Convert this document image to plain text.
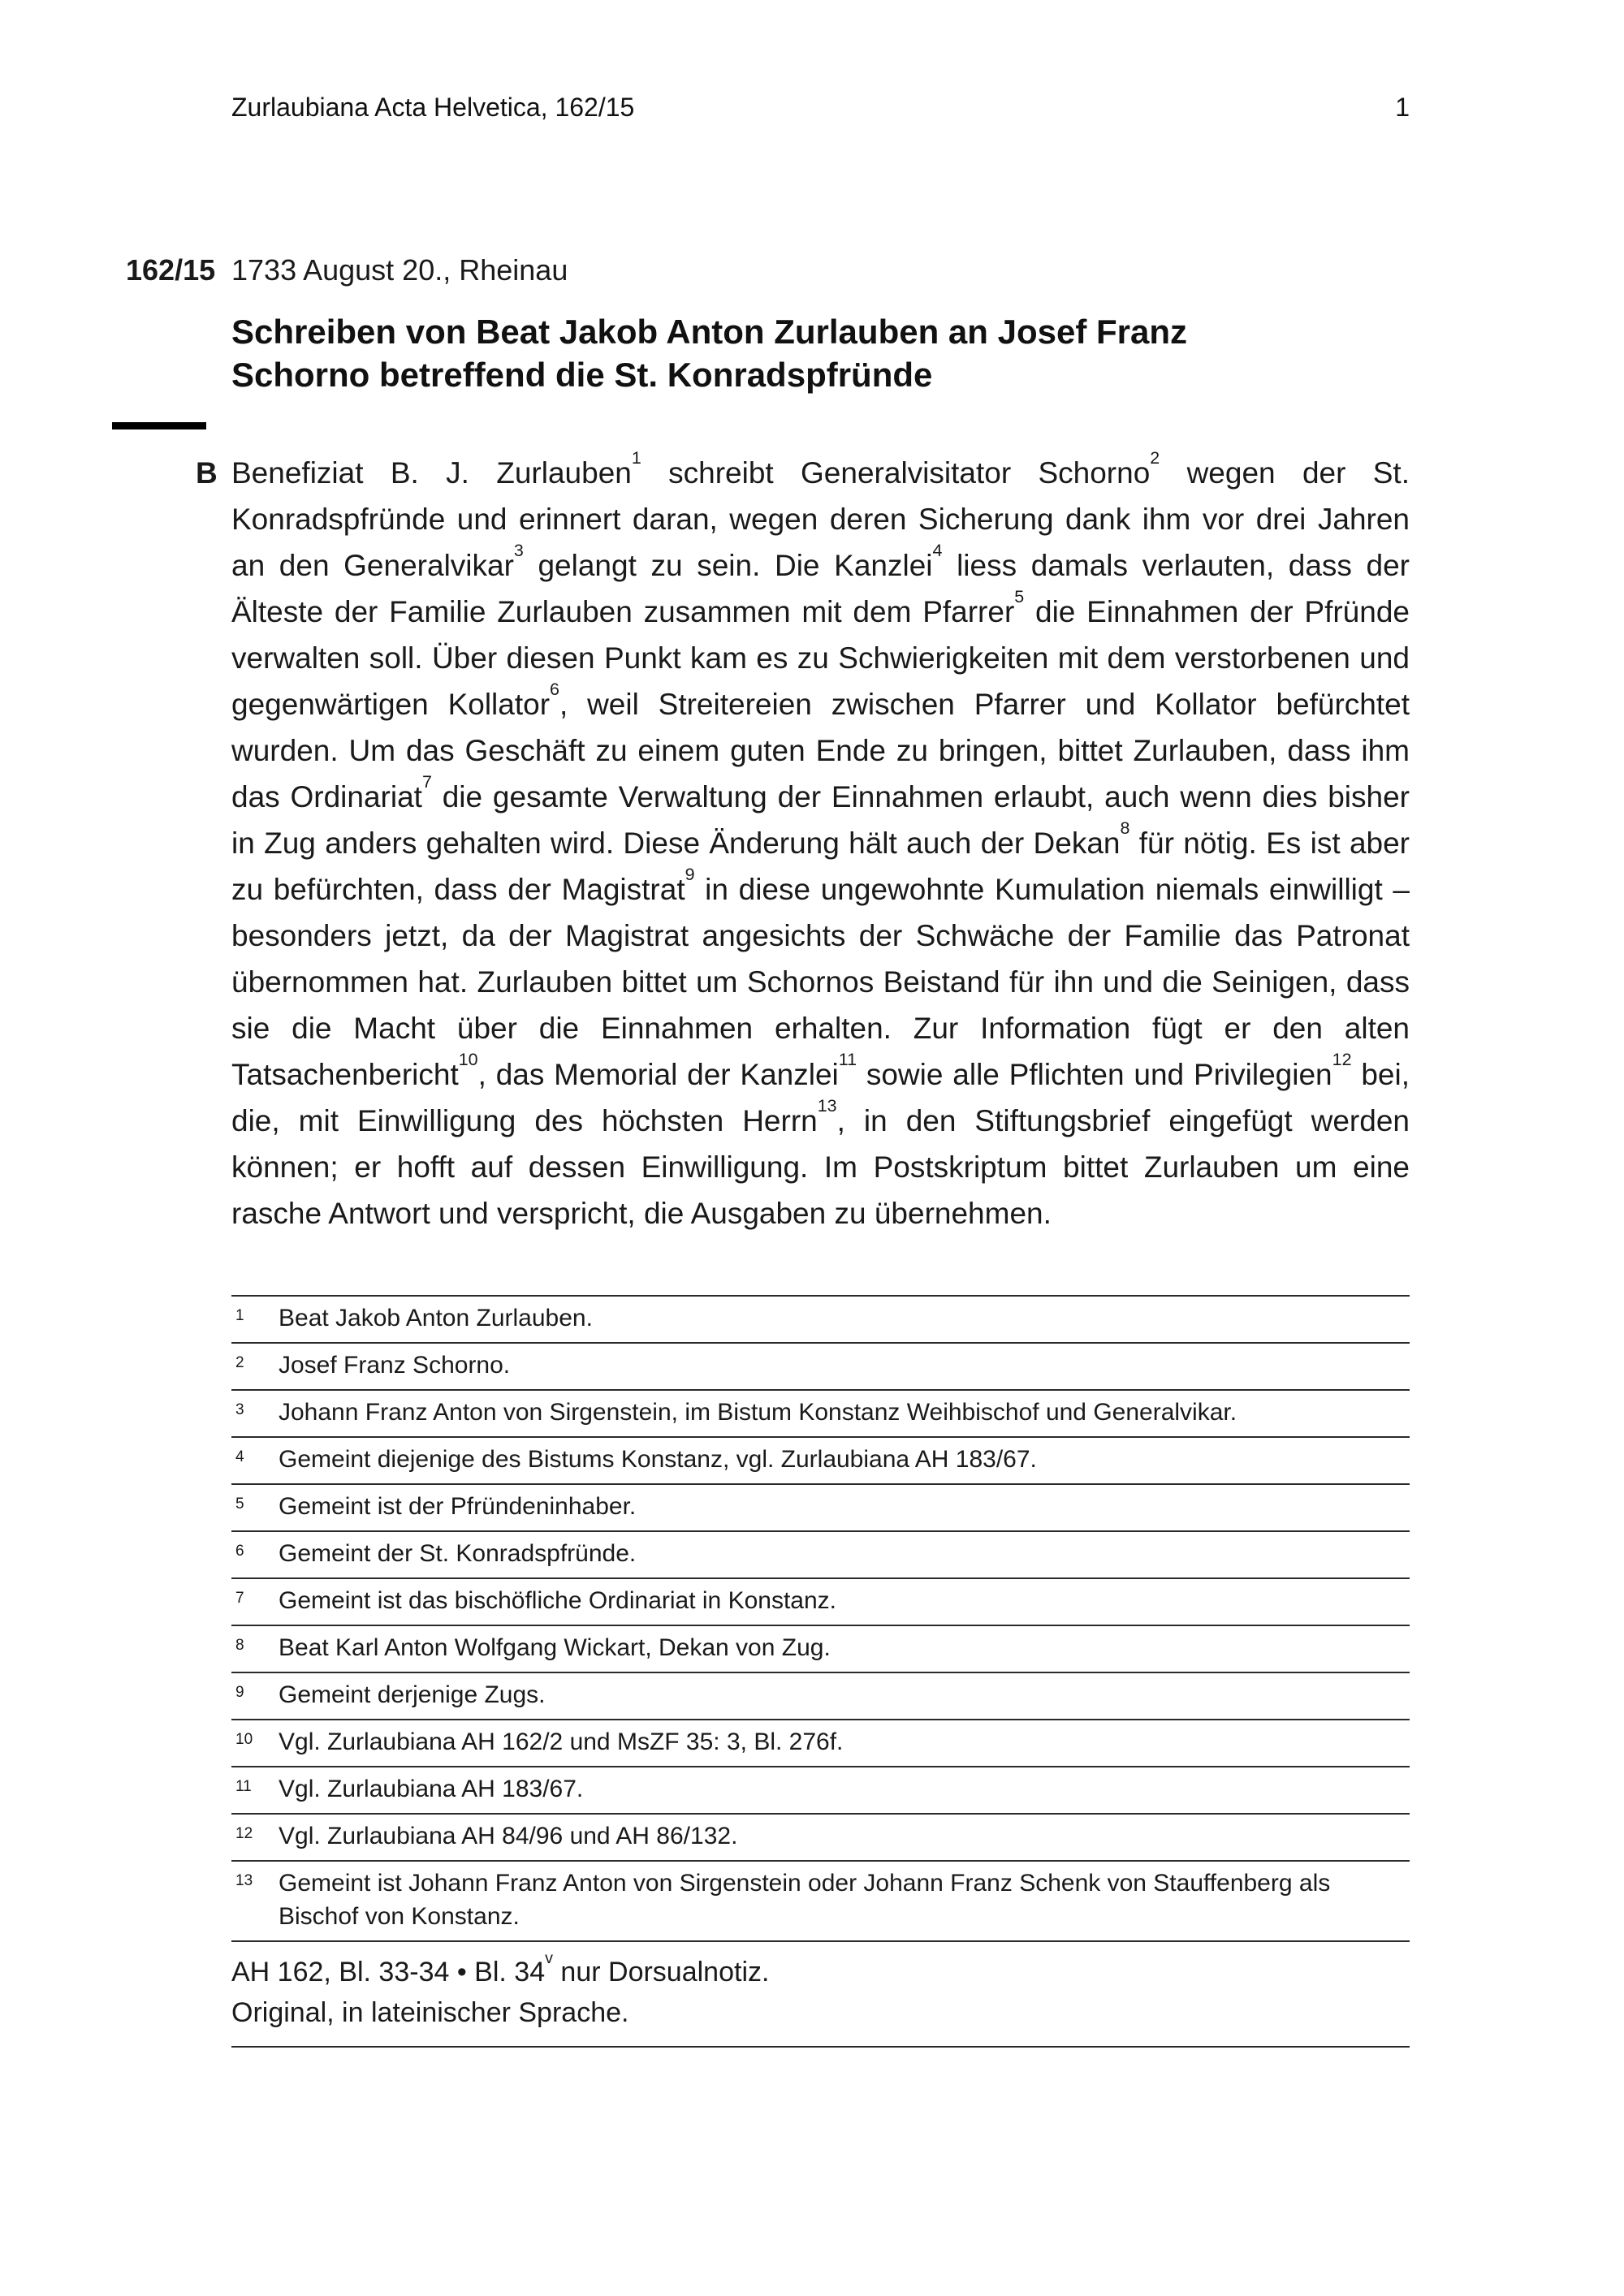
Zurlaubiana Acta Helvetica, 162/15	1
162/15 1733 August 20., Rheinau
Schreiben von Beat Jakob Anton Zurlauben an Josef Franz
Schorno betreffend die St. Konradspfründe
B Benefiziat B. J. Zurlauben$^1$ schreibt Generalvisitator Schorno$^2$ wegen der St. Konradspfründe und erinnert daran, wegen deren Sicherung dank ihm vor drei Jahren an den Generalvikar$^3$ gelangt zu sein. Die Kanzlei$^4$ liess damals verlauten, dass der Älteste der Familie Zurlauben zusammen mit dem Pfarrer$^5$ die Einnahmen der Pfründe verwalten soll. Über diesen Punkt kam es zu Schwierigkeiten mit dem verstorbenen und gegenwärtigen Kollator$^6$, weil Streitereien zwischen Pfarrer und Kollator befürchtet wurden. Um das Geschäft zu einem guten Ende zu bringen, bittet Zurlauben, dass ihm das Ordinariat$^7$ die gesamte Verwaltung der Einnahmen erlaubt, auch wenn dies bisher in Zug anders gehalten wird. Diese Änderung hält auch der Dekan$^8$ für nötig. Es ist aber zu befürchten, dass der Magistrat$^9$ in diese ungewohnte Kumulation niemals einwilligt – besonders jetzt, da der Magistrat angesichts der Schwäche der Familie das Patronat übernommen hat. Zurlauben bittet um Schornos Beistand für ihn und die Seinigen, dass sie die Macht über die Einnahmen erhalten. Zur Information fügt er den alten Tatsachenbericht$^{10}$, das Memorial der Kanzlei$^{11}$ sowie alle Pflichten und Privilegien$^{12}$ bei, die, mit Einwilligung des höchsten Herrn$^{13}$, in den Stiftungsbrief eingefügt werden können; er hofft auf dessen Einwilligung. Im Postskriptum bittet Zurlauben um eine rasche Antwort und verspricht, die Ausgaben zu übernehmen.

1	Beat Jakob Anton Zurlauben.
2	Josef Franz Schorno.
3	Johann Franz Anton von Sirgenstein, im Bistum Konstanz Weihbischof und Generalvikar.
4	Gemeint diejenige des Bistums Konstanz, vgl. Zurlaubiana AH 183/67.
5	Gemeint ist der Pfründeninhaber.
6	Gemeint der St. Konradspfründe.
7	Gemeint ist das bischöfliche Ordinariat in Konstanz.
8	Beat Karl Anton Wolfgang Wickart, Dekan von Zug.
9	Gemeint derjenige Zugs.
10	Vgl. Zurlaubiana AH 162/2 und MsZF 35: 3, Bl. 276f.
11	Vgl. Zurlaubiana AH 183/67.
12	Vgl. Zurlaubiana AH 84/96 und AH 86/132.
13	Gemeint ist Johann Franz Anton von Sirgenstein oder Johann Franz Schenk von Stauffenberg als Bischof von Konstanz.
AH 162, Bl. 33-34 • Bl. 34$^v$ nur Dorsualnotiz.
Original, in lateinischer Sprache.
